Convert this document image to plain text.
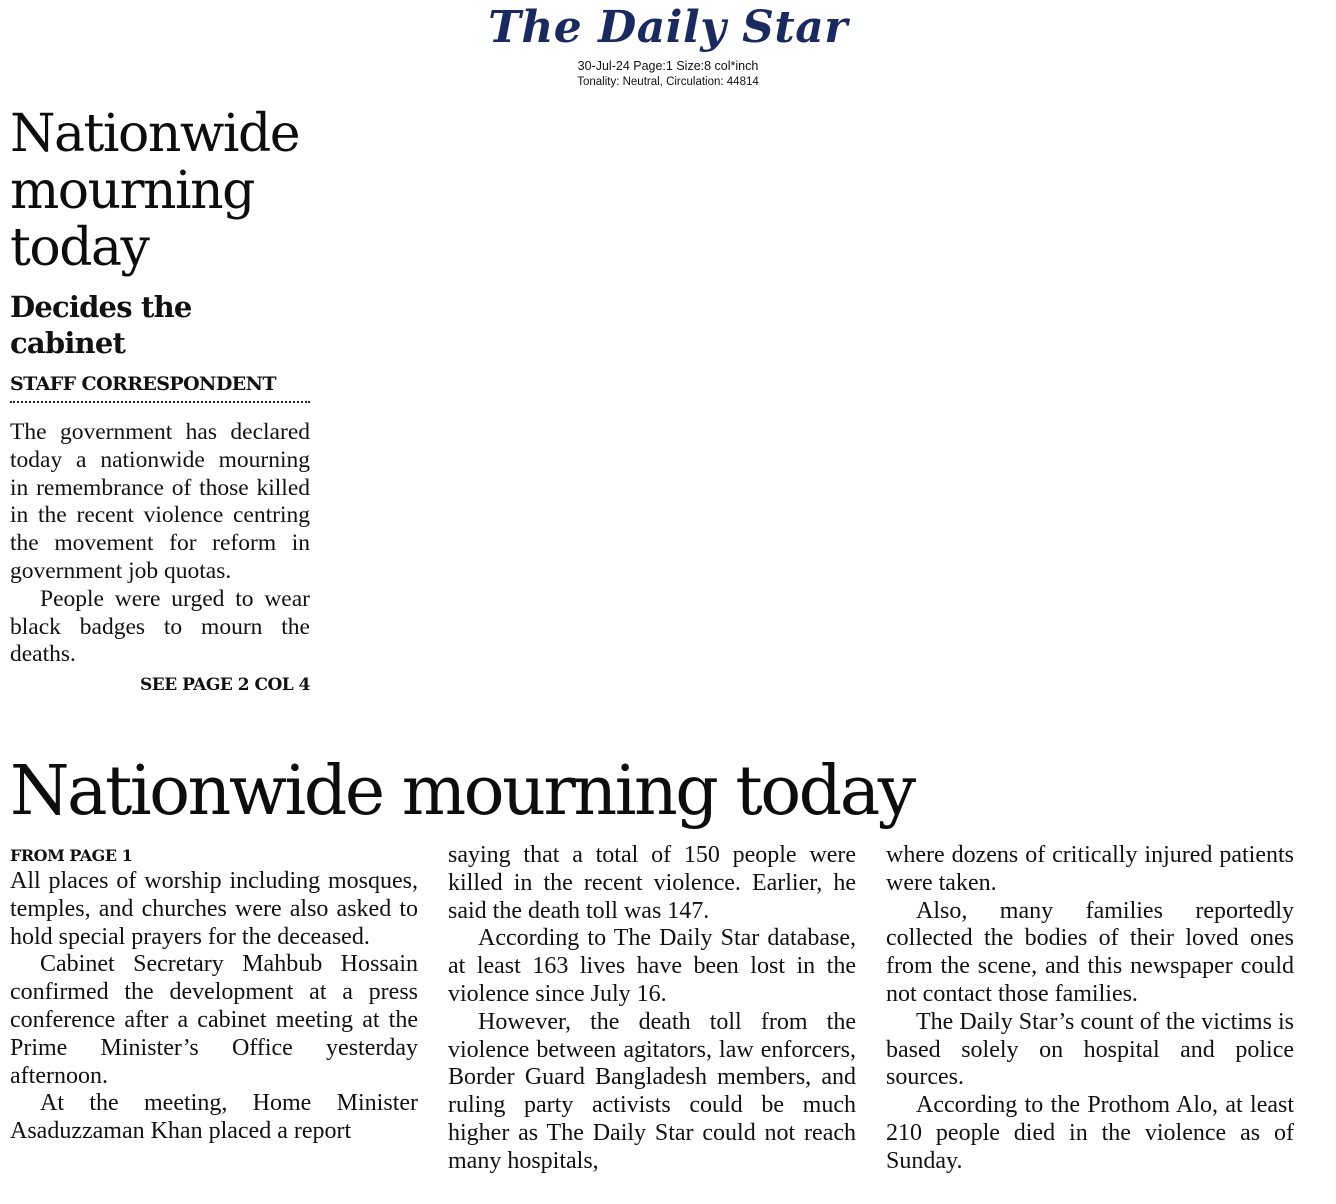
The Daily Star
30-Jul-24 Page:1 Size:8 col*inch
Tonality: Neutral, Circulation: 44814
Nationwide
mourning
today
Decides the cabinet
STAFF CORRESPONDENT

The government has declared today a nationwide mourning in remembrance of those killed in the recent violence centring the movement for reform in government job quotas.

People were urged to wear black badges to mourn the deaths.

SEE PAGE 2 COL 4
Nationwide mourning today
FROM PAGE 1

All places of worship including mosques, temples, and churches were also asked to hold special prayers for the deceased.

Cabinet Secretary Mahbub Hossain confirmed the development at a press conference after a cabinet meeting at the Prime Minister’s Office yesterday afternoon.

At the meeting, Home Minister Asaduzzaman Khan placed a report

saying that a total of 150 people were killed in the recent violence. Earlier, he said the death toll was 147.

According to The Daily Star database, at least 163 lives have been lost in the violence since July 16.

However, the death toll from the violence between agitators, law enforcers, Border Guard Bangladesh members, and ruling party activists could be much higher as The Daily Star could not reach many hospitals,

where dozens of critically injured patients were taken.

Also, many families reportedly collected the bodies of their loved ones from the scene, and this newspaper could not contact those families.

The Daily Star’s count of the victims is based solely on hospital and police sources.

According to the Prothom Alo, at least 210 people died in the violence as of Sunday.
